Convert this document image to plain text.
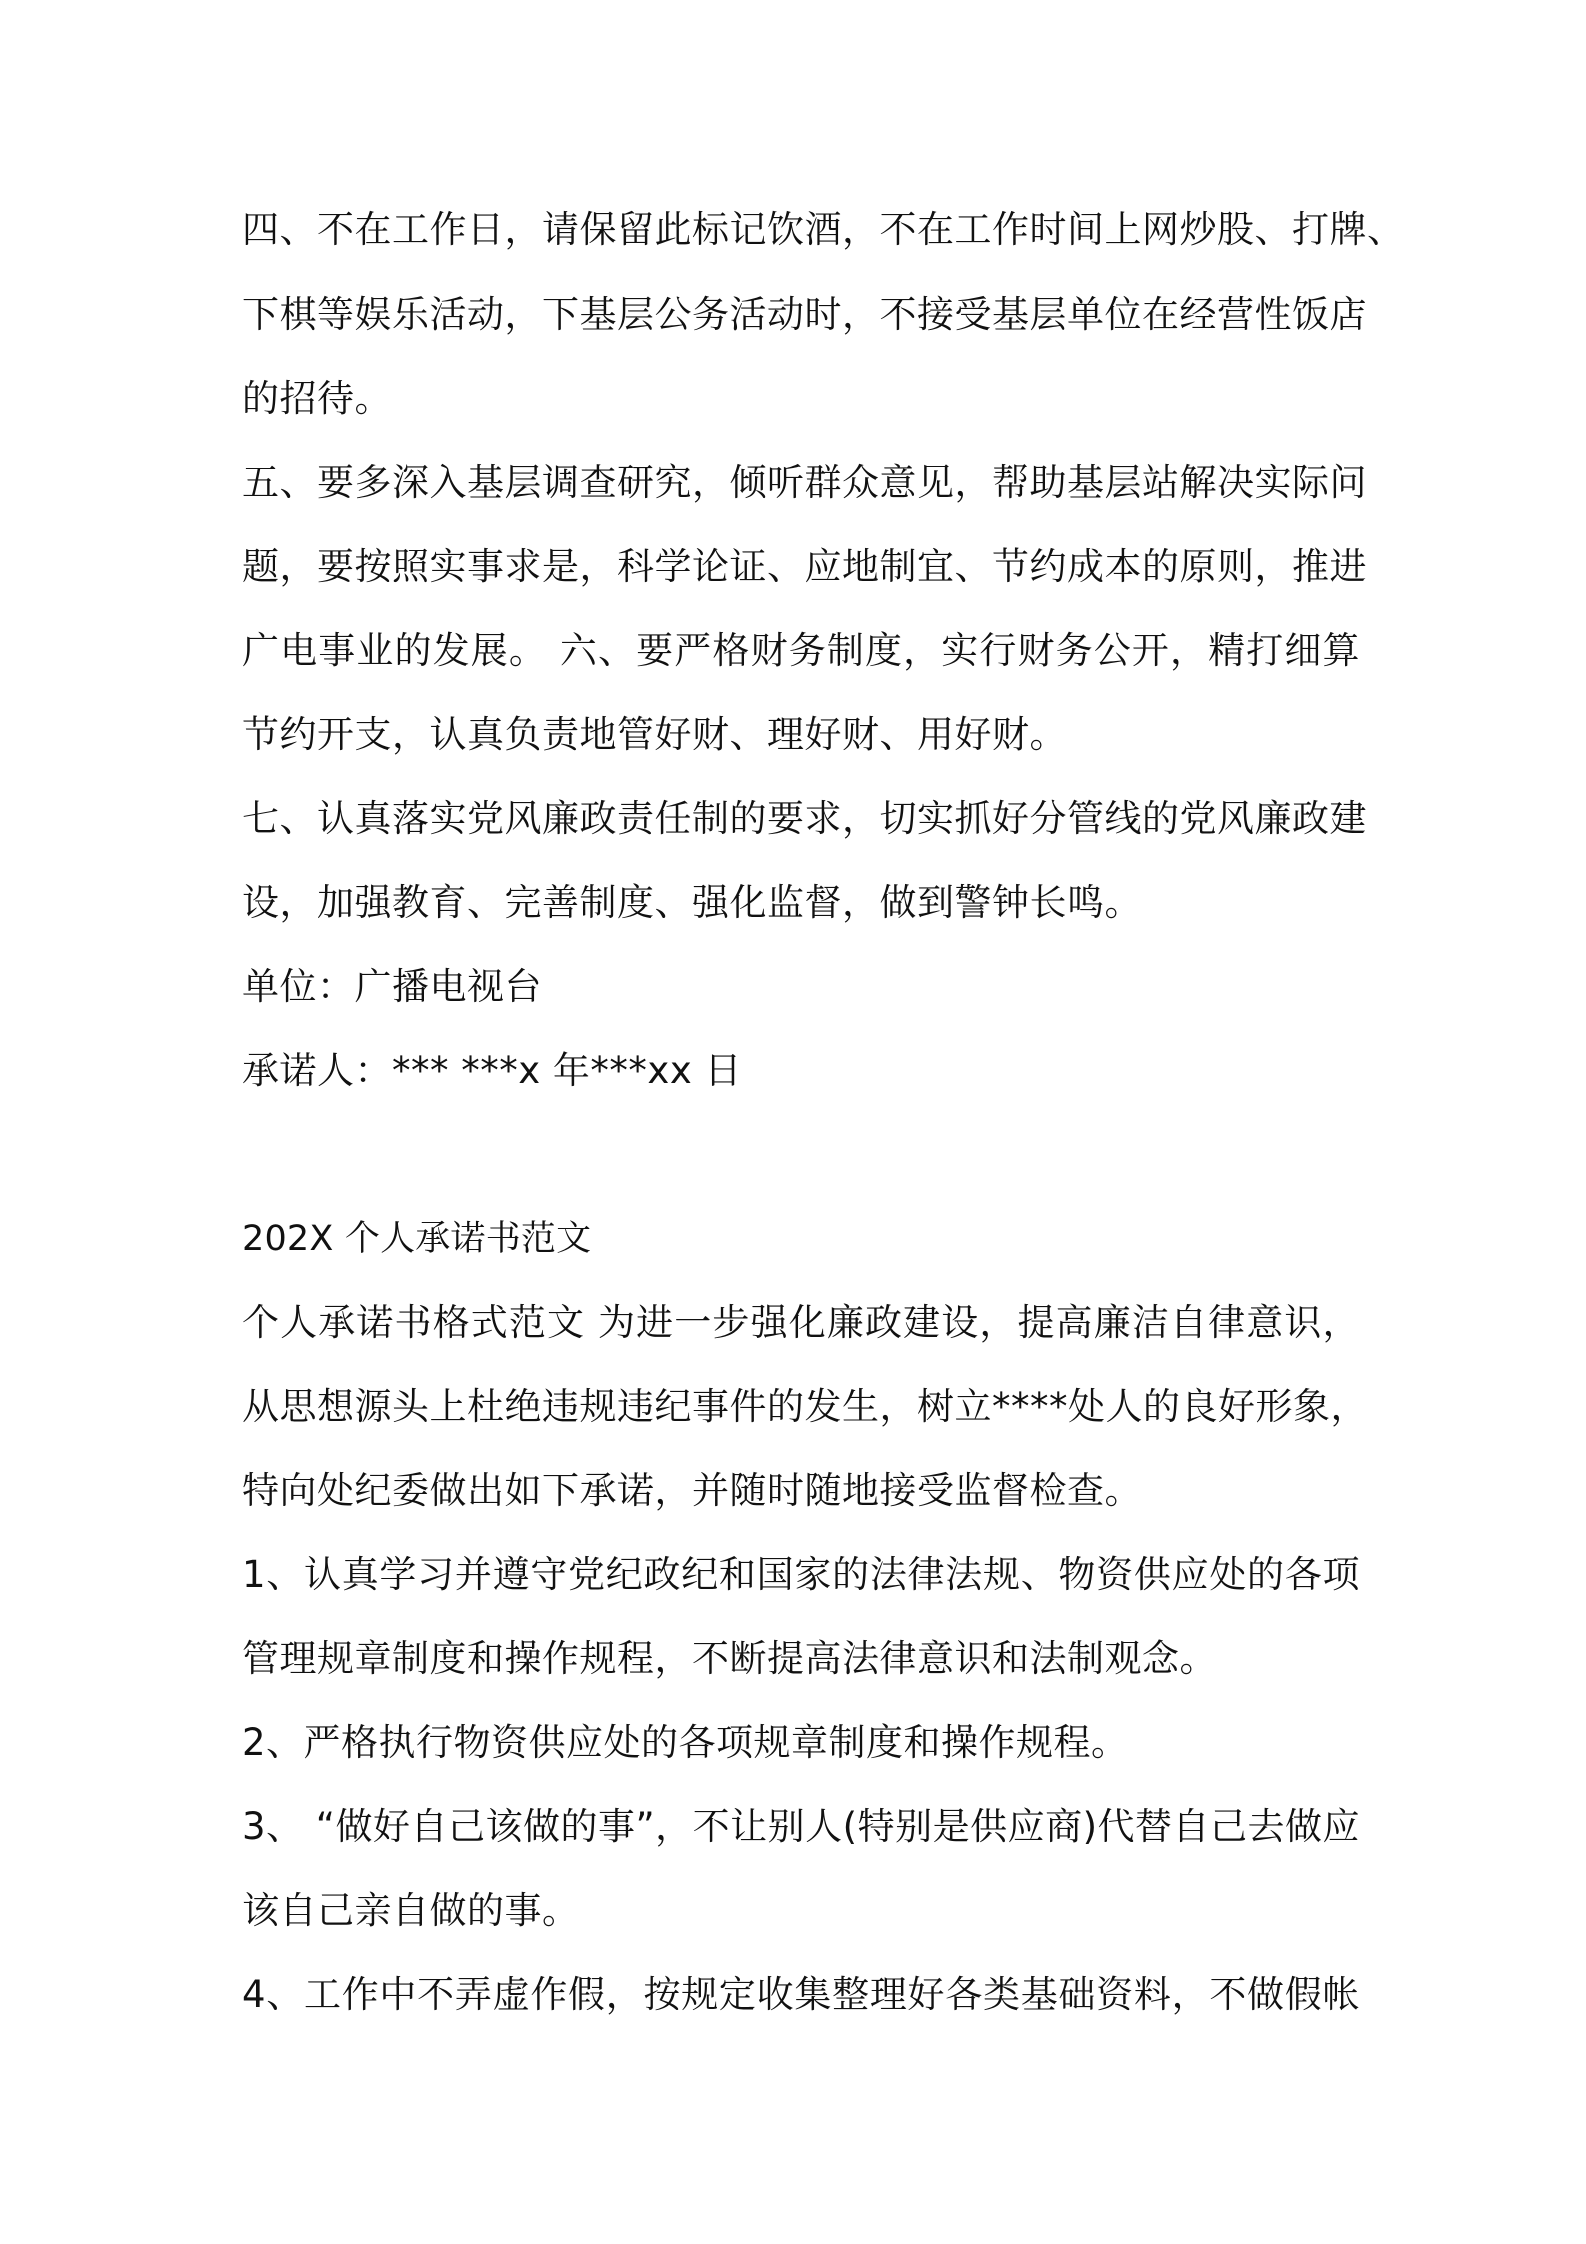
四、不在工作日，请保留此标记饮酒，不在工作时间上网炒股、打牌、
下棋等娱乐活动，下基层公务活动时，不接受基层单位在经营性饭店
的招待。
五、要多深入基层调查研究，倾听群众意见，帮助基层站解决实际问
题，要按照实事求是，科学论证、应地制宜、节约成本的原则，推进
广电事业的发展。 六、要严格财务制度，实行财务公开，精打细算
节约开支，认真负责地管好财、理好财、用好财。
七、认真落实党风廉政责任制的要求，切实抓好分管线的党风廉政建
设，加强教育、完善制度、强化监督，做到警钟长鸣。
单位：广播电视台
承诺人：*** ***x 年***xx 日
202X 个人承诺书范文
个人承诺书格式范文 为进一步强化廉政建设，提高廉洁自律意识，
从思想源头上杜绝违规违纪事件的发生，树立****处人的良好形象，
特向处纪委做出如下承诺，并随时随地接受监督检查。
1、认真学习并遵守党纪政纪和国家的法律法规、物资供应处的各项
管理规章制度和操作规程，不断提高法律意识和法制观念。
2、严格执行物资供应处的各项规章制度和操作规程。
3、 “做好自己该做的事”，不让别人(特别是供应商)代替自己去做应
该自己亲自做的事。
4、工作中不弄虚作假，按规定收集整理好各类基础资料，不做假帐
